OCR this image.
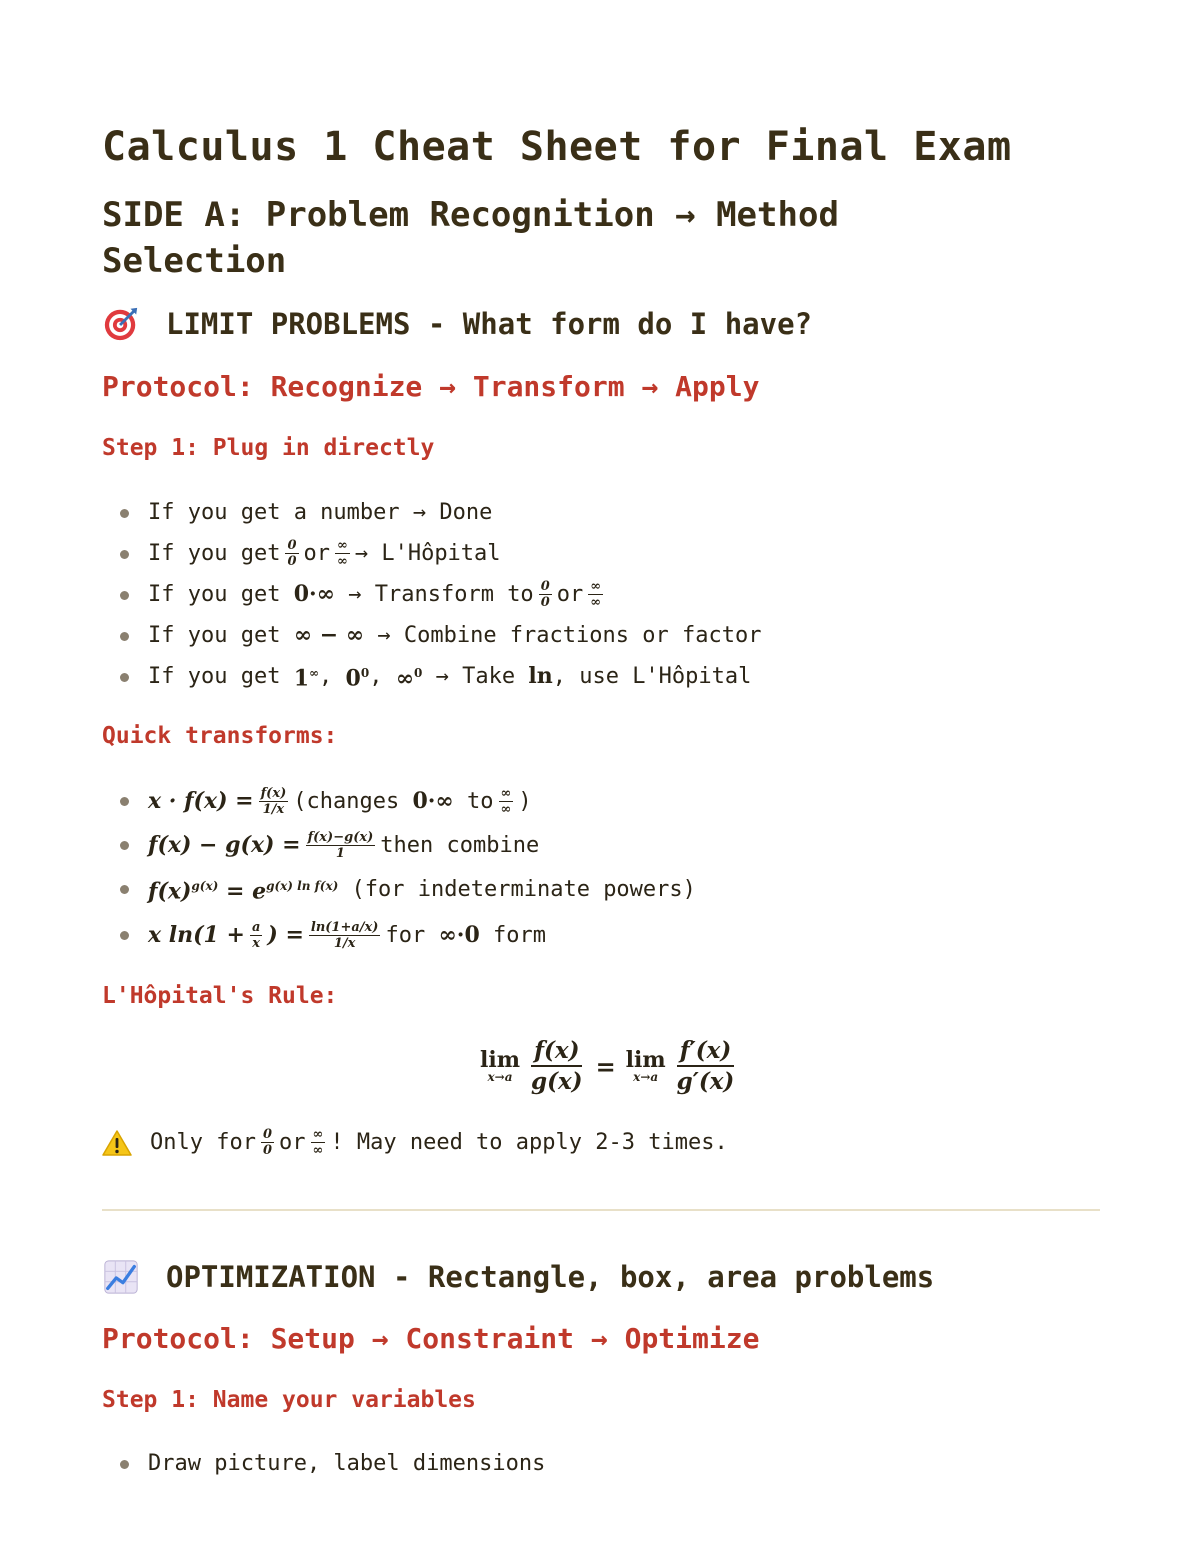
Calculus 1 Cheat Sheet for Final Exam
SIDE A: Problem Recognition → Method Selection
LIMIT PROBLEMS - What form do I have?

Protocol: Recognize → Transform → Apply

Step 1: Plug in directly

If you get a number → Done
If you get $\frac{0}{0}$ or $\frac{\infty}{\infty}$ → L'Hôpital
If you get
0·∞
→ Transform to $\frac{0}{0}$ or $\frac{\infty}{\infty}$
If you get
∞ − ∞
→ Combine fractions or factor
If you get
1∞ , $0^0$ , ∞$^0$
→ Take
ln , use L'Hôpital

Quick transforms:

$x \cdot f(x) = \frac{f(x)}{1/x}$ (changes
0·∞
to $\frac{\infty}{\infty}$ )
$f(x) - g(x) = \frac{f(x)-g(x)}{1}$ then combine
$f(x)^{g(x)} = e^{g(x) ln f(x)}$
(for indeterminate powers)
x $\ln(1 + \frac{a}{x}$ ) = $\frac{\ln(1+a/x)}{1/x}$ for
∞·0
form

L'Hôpital's Rule:

lim
$x\to a \frac{f(x)}{g(x)} = \lim$
x→a
f′(x)
g′(x)
Only for $\frac{0}{0}$ or $\frac{\infty}{\infty}$ ! May need to apply 2-3 times.
OPTIMIZATION - Rectangle, box, area problems

Protocol: Setup → Constraint → Optimize

Step 1: Name your variables

Draw picture, label dimensions
